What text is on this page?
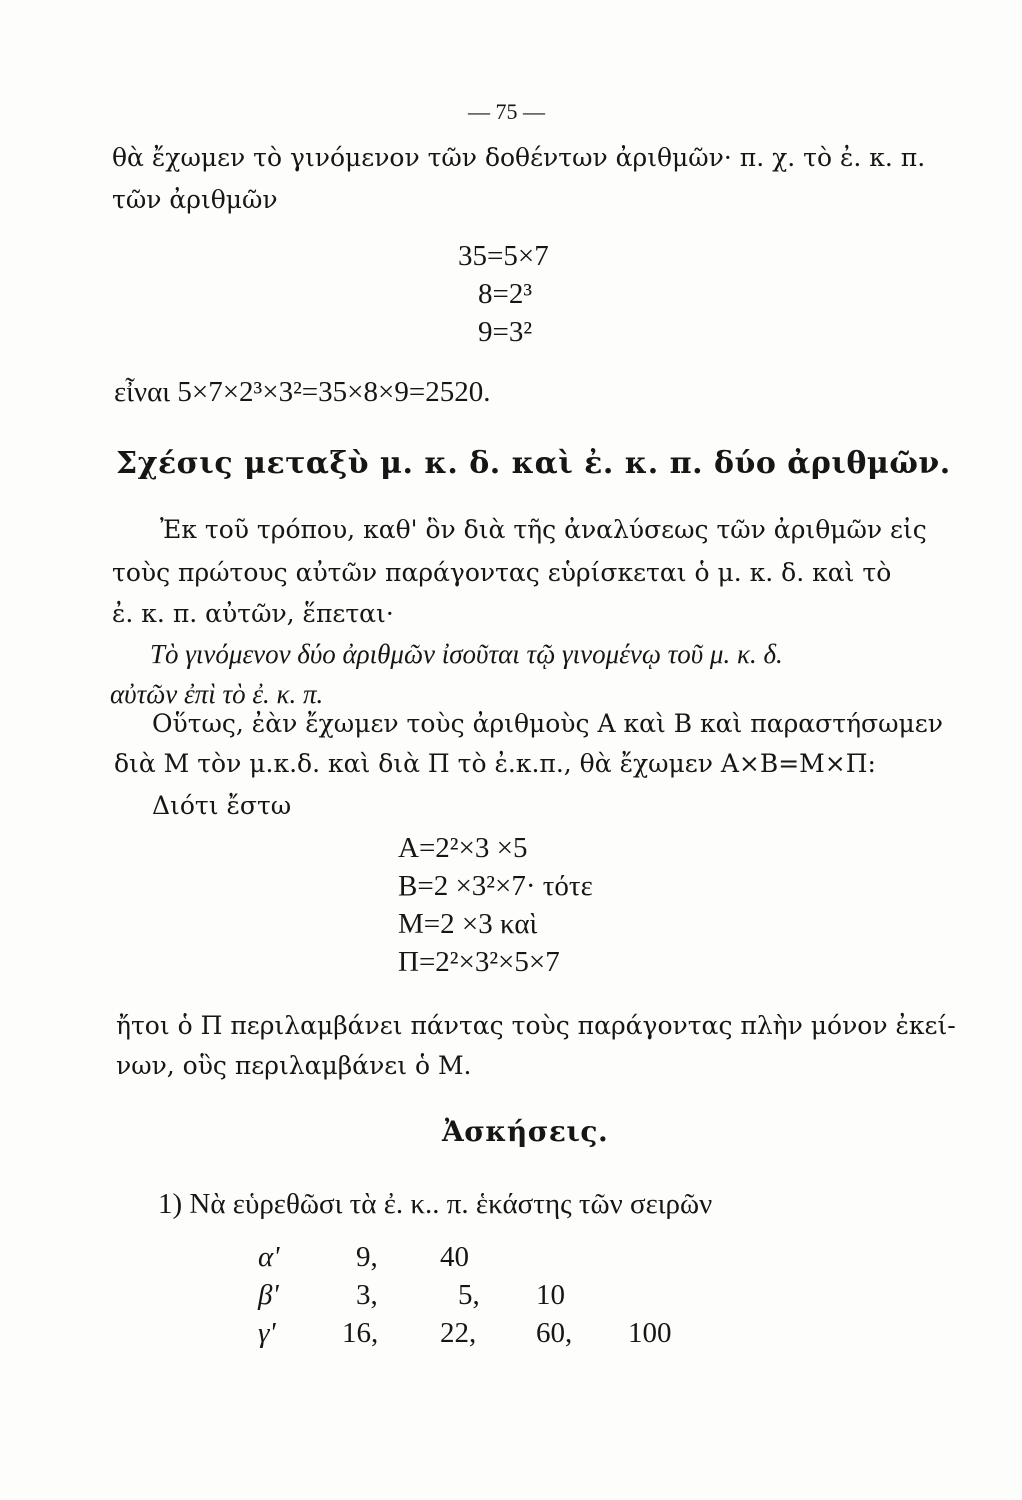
— 75 —
θὰ ἔχωμεν τὸ γινόμενον τῶν δοθέντων ἀριθμῶν· π. χ. τὸ ἐ. κ. π.
τῶν ἀριθμῶν
35=5×7
8=2³
9=3²
εἶναι 5×7×2³×3²=35×8×9=2520.
Σχέσις μεταξὺ μ. κ. δ. καὶ ἐ. κ. π. δύο ἀριθμῶν.
Ἐκ τοῦ τρόπου, καθ' ὃν διὰ τῆς ἀναλύσεως τῶν ἀριθμῶν εἰς
τοὺς πρώτους αὐτῶν παράγοντας εὑρίσκεται ὁ μ. κ. δ. καὶ τὸ
ἐ. κ. π. αὐτῶν, ἕπεται·
Τὸ γινόμενον δύο ἀριθμῶν ἰσοῦται τῷ γινομένῳ τοῦ μ. κ. δ.
αὐτῶν ἐπὶ τὸ ἐ. κ. π.
Οὕτως, ἐὰν ἔχωμεν τοὺς ἀριθμοὺς Α καὶ Β καὶ παραστήσωμεν
διὰ Μ τὸν μ.κ.δ. καὶ διὰ Π τὸ ἐ.κ.π., θὰ ἔχωμεν Α×Β=Μ×Π:
Διότι ἔστω
Α=2²×3 ×5
Β=2 ×3²×7· τότε
Μ=2 ×3 καὶ
Π=2²×3²×5×7
ἤτοι ὁ Π περιλαμβάνει πάντας τοὺς παράγοντας πλὴν μόνον ἐκεί-
νων, οὓς περιλαμβάνει ὁ Μ.
Ἀσκήσεις.
1) Νὰ εὑρεθῶσι τὰ ἐ. κ.. π. ἑκάστης τῶν σειρῶν
α'	9, 40
β'	3,	5, 10
γ' 16, 22, 60, 100
